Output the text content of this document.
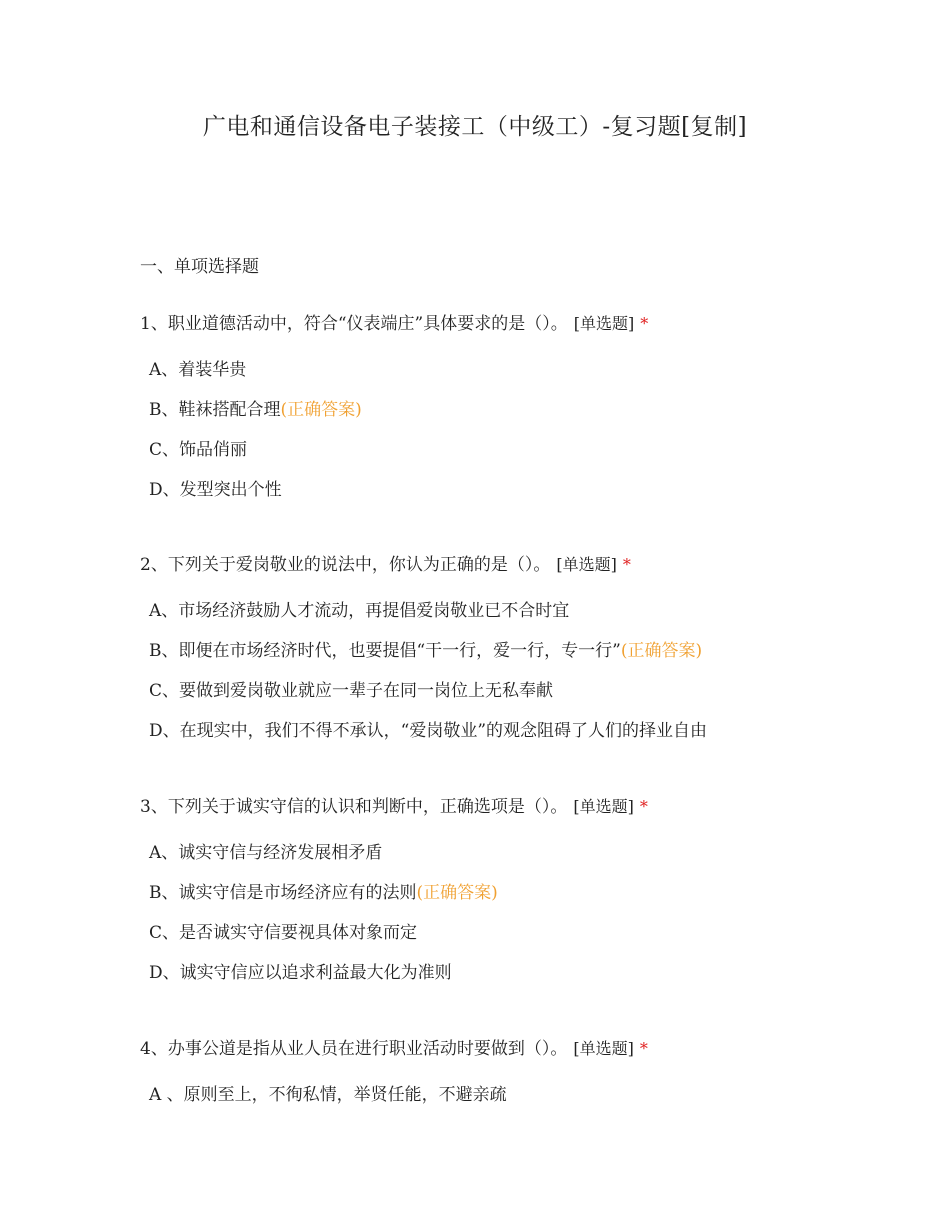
广电和通信设备电子装接工（中级工）-复习题[复制]
一、单项选择题
1、职业道德活动中，符合“仪表端庄”具体要求的是（）。 [单选题] *
A、着装华贵
B、鞋袜搭配合理 (正确答案)
C、饰品俏丽
D、发型突出个性
2、下列关于爱岗敬业的说法中，你认为正确的是（）。 [单选题] *
A、市场经济鼓励人才流动，再提倡爱岗敬业已不合时宜
B、即便在市场经济时代，也要提倡“干一行，爱一行，专一行” (正确答案)
C、要做到爱岗敬业就应一辈子在同一岗位上无私奉献
D、在现实中，我们不得不承认，“爱岗敬业”的观念阻碍了人们的择业自由
3、下列关于诚实守信的认识和判断中，正确选项是（）。 [单选题] *
A、诚实守信与经济发展相矛盾
B、诚实守信是市场经济应有的法则 (正确答案)
C、是否诚实守信要视具体对象而定
D、诚实守信应以追求利益最大化为准则
4、办事公道是指从业人员在进行职业活动时要做到（）。 [单选题] *
A 、原则至上，不徇私情，举贤任能，不避亲疏
